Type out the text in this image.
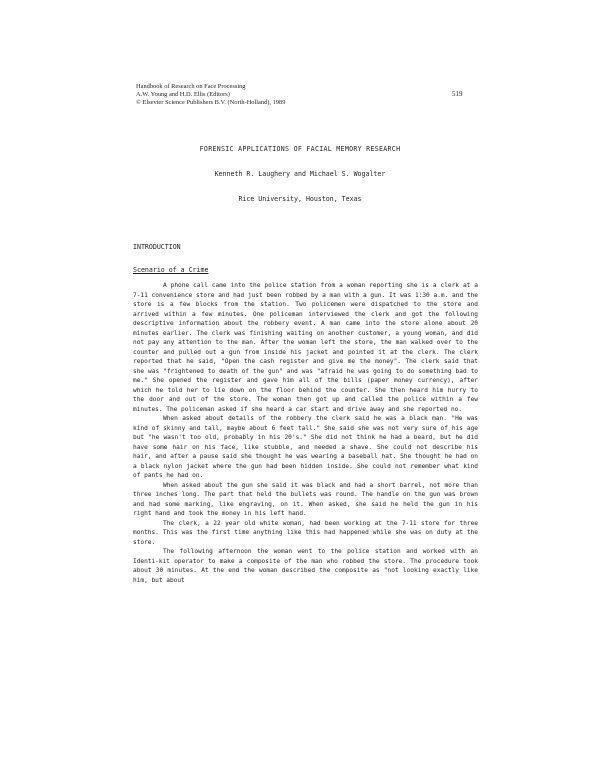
Handbook of Research on Face Processing
A.W. Young and H.D. Ellis (Editors)
© Elsevier Science Publishers B.V. (North-Holland), 1989
519
FORENSIC APPLICATIONS OF FACIAL MEMORY RESEARCH
Kenneth R. Laughery and Michael S. Wogalter
Rice University, Houston, Texas
INTRODUCTION
Scenario of a Crime

A phone call came into the police station from a woman reporting she is a clerk at a 7-11 convenience store and had just been robbed by a man with a gun. It was 1:30 a.m. and the store is a few blocks from the station. Two policemen were dispatched to the store and arrived within a few minutes. One policeman interviewed the clerk and got the following descriptive information about the robbery event. A man came into the store alone about 20 minutes earlier. The clerk was finishing waiting on another customer, a young woman, and did not pay any attention to the man. After the woman left the store, the man walked over to the counter and pulled out a gun from inside his jacket and pointed it at the clerk. The clerk reported that he said, "Open the cash register and give me the money". The clerk said that she was "frightened to death of the gun" and was "afraid he was going to do something bad to me." She opened the register and gave him all of the bills (paper money currency), after which he told her to lie down on the floor behind the counter. She then heard him hurry to the door and out of the store. The woman then got up and called the police within a few minutes. The policeman asked if she heard a car start and drive away and she reported no.

When asked about details of the robbery the clerk said he was a black man. "He was kind of skinny and tall, maybe about 6 feet tall." She said she was not very sure of his age but "he wasn't too old, probably in his 20's." She did not think he had a beard, but he did have some hair on his face, like stubble, and needed a shave. She could not describe his hair, and after a pause said she thought he was wearing a baseball hat. She thought he had on a black nylon jacket where the gun had been hidden inside. She could not remember what kind of pants he had on.

When asked about the gun she said it was black and had a short barrel, not more than three inches long. The part that held the bullets was round. The handle on the gun was brown and had some marking, like engraving, on it. When asked, she said he held the gun in his right hand and took the money in his left hand.

The clerk, a 22 year old white woman, had been working at the 7-11 store for three months. This was the first time anything like this had happened while she was on duty at the store.

The following afternoon the woman went to the police station and worked with an Identi-kit operator to make a composite of the man who robbed the store. The procedure took about 30 minutes. At the end the woman described the composite as "not looking exactly like him, but about
